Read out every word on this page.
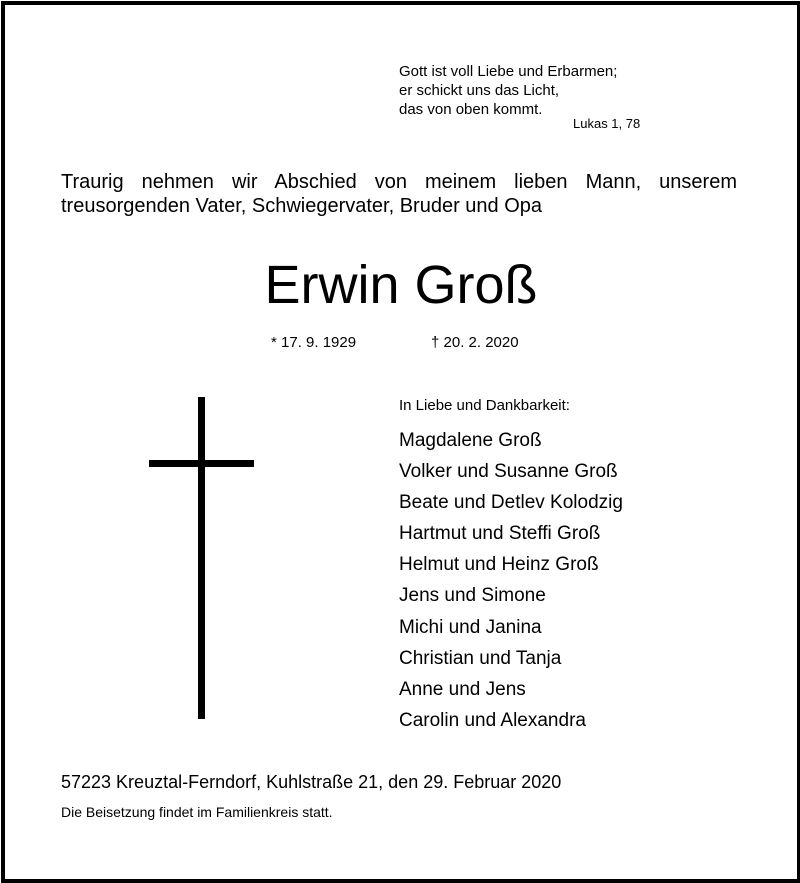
Gott ist voll Liebe und Erbarmen;
er schickt uns das Licht,
das von oben kommt.
Lukas 1, 78
Traurig nehmen wir Abschied von meinem lieben Mann, unserem treusorgenden Vater, Schwiegervater, Bruder und Opa
Erwin Groß
* 17. 9. 1929	† 20. 2. 2020
In Liebe und Dankbarkeit:
Magdalene Groß
Volker und Susanne Groß
Beate und Detlev Kolodzig
Hartmut und Steffi Groß
Helmut und Heinz Groß
Jens und Simone
Michi und Janina
Christian und Tanja
Anne und Jens
Carolin und Alexandra
57223 Kreuztal-Ferndorf, Kuhlstraße 21, den 29. Februar 2020
Die Beisetzung findet im Familienkreis statt.
